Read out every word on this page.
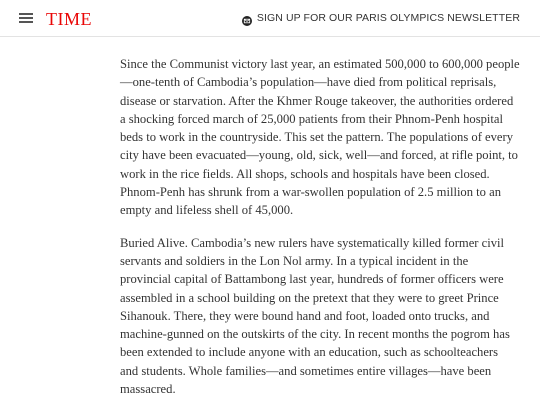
TIME	SIGN UP FOR OUR PARIS OLYMPICS NEWSLETTER

Since the Communist victory last year, an estimated 500,000 to 600,000 people
—one-tenth of Cambodia’s population—have died from political reprisals,
disease or starvation. After the Khmer Rouge takeover, the authorities ordered
a shocking forced march of 25,000 patients from their Phnom-Penh hospital
beds to work in the countryside. This set the pattern. The populations of every
city have been evacuated—young, old, sick, well—and forced, at rifle point, to
work in the rice fields. All shops, schools and hospitals have been closed.
Phnom-Penh has shrunk from a war-swollen population of 2.5 million to an
empty and lifeless shell of 45,000.

Buried Alive. Cambodia’s new rulers have systematically killed former civil
servants and soldiers in the Lon Nol army. In a typical incident in the
provincial capital of Battambong last year, hundreds of former officers were
assembled in a school building on the pretext that they were to greet Prince
Sihanouk. There, they were bound hand and foot, loaded onto trucks, and
machine-gunned on the outskirts of the city. In recent months the pogrom has
been extended to include anyone with an education, such as schoolteachers
and students. Whole families—and sometimes entire villages—have been
massacred.
